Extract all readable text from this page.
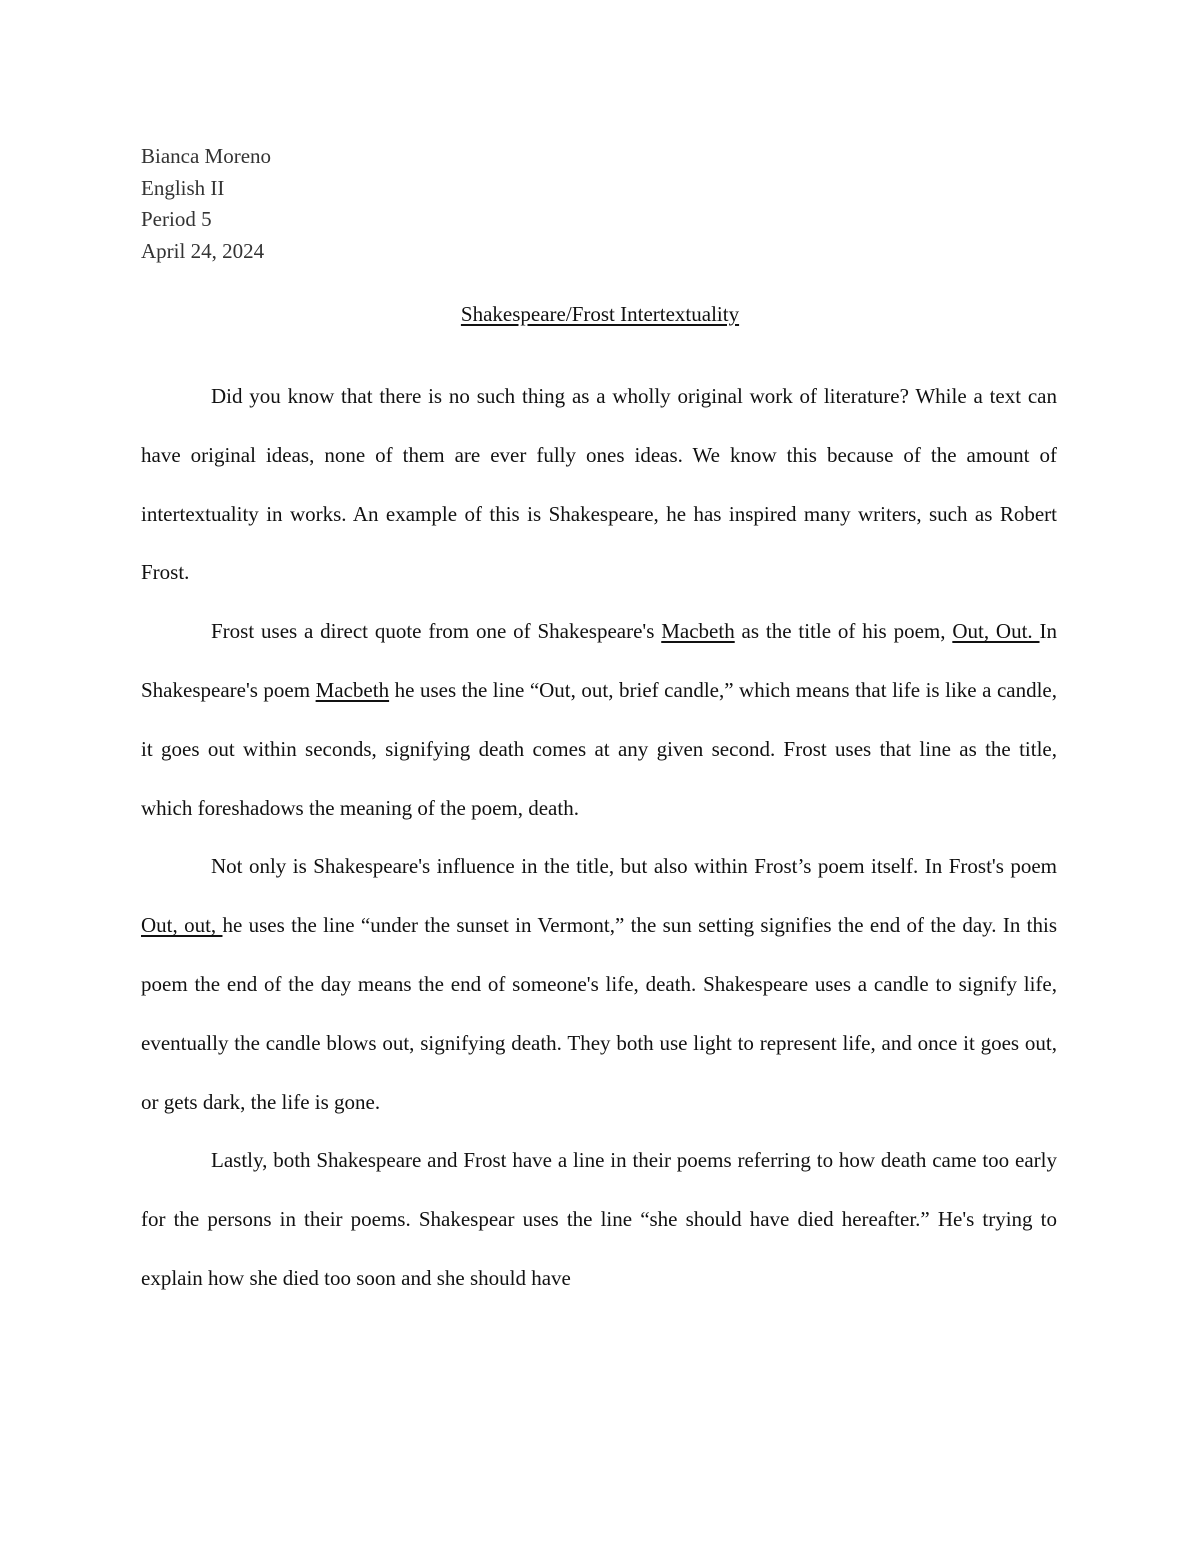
Bianca Moreno
English II
Period 5
April 24, 2024
Shakespeare/Frost Intertextuality

Did you know that there is no such thing as a wholly original work of literature? While a text can have original ideas, none of them are ever fully ones ideas. We know this because of the amount of intertextuality in works. An example of this is Shakespeare, he has inspired many writers, such as Robert Frost.

Frost uses a direct quote from one of Shakespeare's Macbeth as the title of his poem, Out, Out. In Shakespeare's poem Macbeth he uses the line “Out, out, brief candle,” which means that life is like a candle, it goes out within seconds, signifying death comes at any given second. Frost uses that line as the title, which foreshadows the meaning of the poem, death.

Not only is Shakespeare's influence in the title, but also within Frost’s poem itself. In Frost's poem Out, out, he uses the line “under the sunset in Vermont,” the sun setting signifies the end of the day. In this poem the end of the day means the end of someone's life, death. Shakespeare uses a candle to signify life, eventually the candle blows out, signifying death. They both use light to represent life, and once it goes out, or gets dark, the life is gone.

Lastly, both Shakespeare and Frost have a line in their poems referring to how death came too early for the persons in their poems. Shakespear uses the line “she should have died hereafter.” He's trying to explain how she died too soon and she should have
